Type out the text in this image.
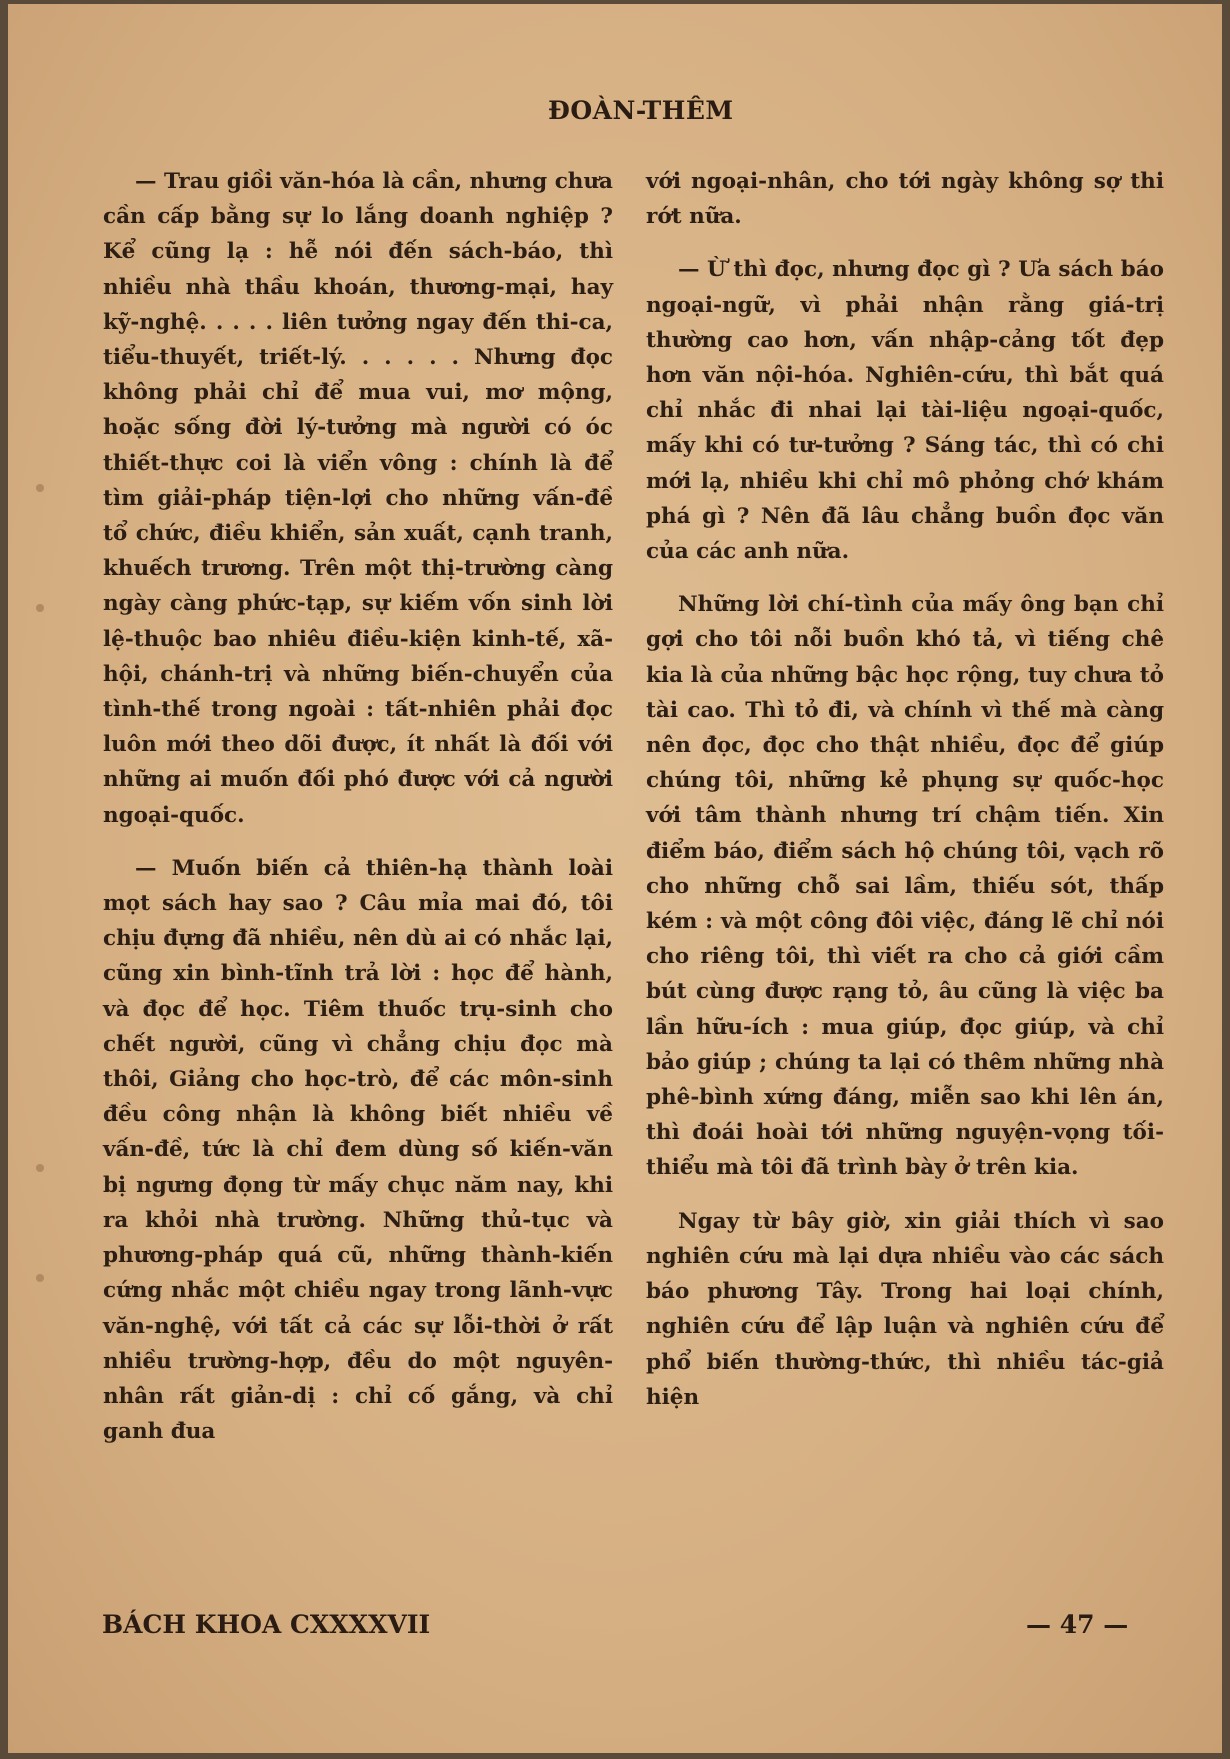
ĐOÀN-THÊM

— Trau giồi văn-hóa là cần, nhưng chưa cần cấp bằng sự lo lắng doanh nghiệp ? Kể cũng lạ : hễ nói đến sách-báo, thì nhiều nhà thầu khoán, thương-mại, hay kỹ-nghệ. . . . . liên tưởng ngay đến thi-ca, tiểu-thuyết, triết-lý. . . . . . Nhưng đọc không phải chỉ để mua vui, mơ mộng, hoặc sống đời lý-tưởng mà người có óc thiết-thực coi là viển vông : chính là để tìm giải-pháp tiện-lợi cho những vấn-đề tổ chức, điều khiển, sản xuất, cạnh tranh, khuếch trương. Trên một thị-trường càng ngày càng phức-tạp, sự kiếm vốn sinh lời lệ-thuộc bao nhiêu điều-kiện kinh-tế, xã-hội, chánh-trị và những biến-chuyển của tình-thế trong ngoài : tất-nhiên phải đọc luôn mới theo dõi được, ít nhất là đối với những ai muốn đối phó được với cả người ngoại-quốc.

— Muốn biến cả thiên-hạ thành loài mọt sách hay sao ? Câu mỉa mai đó, tôi chịu đựng đã nhiều, nên dù ai có nhắc lại, cũng xin bình-tĩnh trả lời : học để hành, và đọc để học. Tiêm thuốc trụ-sinh cho chết người, cũng vì chẳng chịu đọc mà thôi, Giảng cho học-trò, để các môn-sinh đều công nhận là không biết nhiều về vấn-đề, tức là chỉ đem dùng số kiến-văn bị ngưng đọng từ mấy chục năm nay, khi ra khỏi nhà trường. Những thủ-tục và phương-pháp quá cũ, những thành-kiến cứng nhắc một chiều ngay trong lãnh-vực văn-nghệ, với tất cả các sự lỗi-thời ở rất nhiều trường-hợp, đều do một nguyên-nhân rất giản-dị : chỉ cố gắng, và chỉ ganh đua

với ngoại-nhân, cho tới ngày không sợ thi rớt nữa.

— Ừ thì đọc, nhưng đọc gì ? Ưa sách báo ngoại-ngữ, vì phải nhận rằng giá-trị thường cao hơn, vấn nhập-cảng tốt đẹp hơn văn nội-hóa. Nghiên-cứu, thì bắt quá chỉ nhắc đi nhai lại tài-liệu ngoại-quốc, mấy khi có tư-tưởng ? Sáng tác, thì có chi mới lạ, nhiều khi chỉ mô phỏng chớ khám phá gì ? Nên đã lâu chẳng buồn đọc văn của các anh nữa.

Những lời chí-tình của mấy ông bạn chỉ gợi cho tôi nỗi buồn khó tả, vì tiếng chê kia là của những bậc học rộng, tuy chưa tỏ tài cao. Thì tỏ đi, và chính vì thế mà càng nên đọc, đọc cho thật nhiều, đọc để giúp chúng tôi, những kẻ phụng sự quốc-học với tâm thành nhưng trí chậm tiến. Xin điểm báo, điểm sách hộ chúng tôi, vạch rõ cho những chỗ sai lầm, thiếu sót, thấp kém : và một công đôi việc, đáng lẽ chỉ nói cho riêng tôi, thì viết ra cho cả giới cầm bút cùng được rạng tỏ, âu cũng là việc ba lần hữu-ích : mua giúp, đọc giúp, và chỉ bảo giúp ; chúng ta lại có thêm những nhà phê-bình xứng đáng, miễn sao khi lên án, thì đoái hoài tới những nguyện-vọng tối-thiểu mà tôi đã trình bày ở trên kia.

Ngay từ bây giờ, xin giải thích vì sao nghiên cứu mà lại dựa nhiều vào các sách báo phương Tây. Trong hai loại chính, nghiên cứu để lập luận và nghiên cứu để phổ biến thường-thức, thì nhiều tác-giả hiện

BÁCH KHOA CXXXXVII	— 47 —
